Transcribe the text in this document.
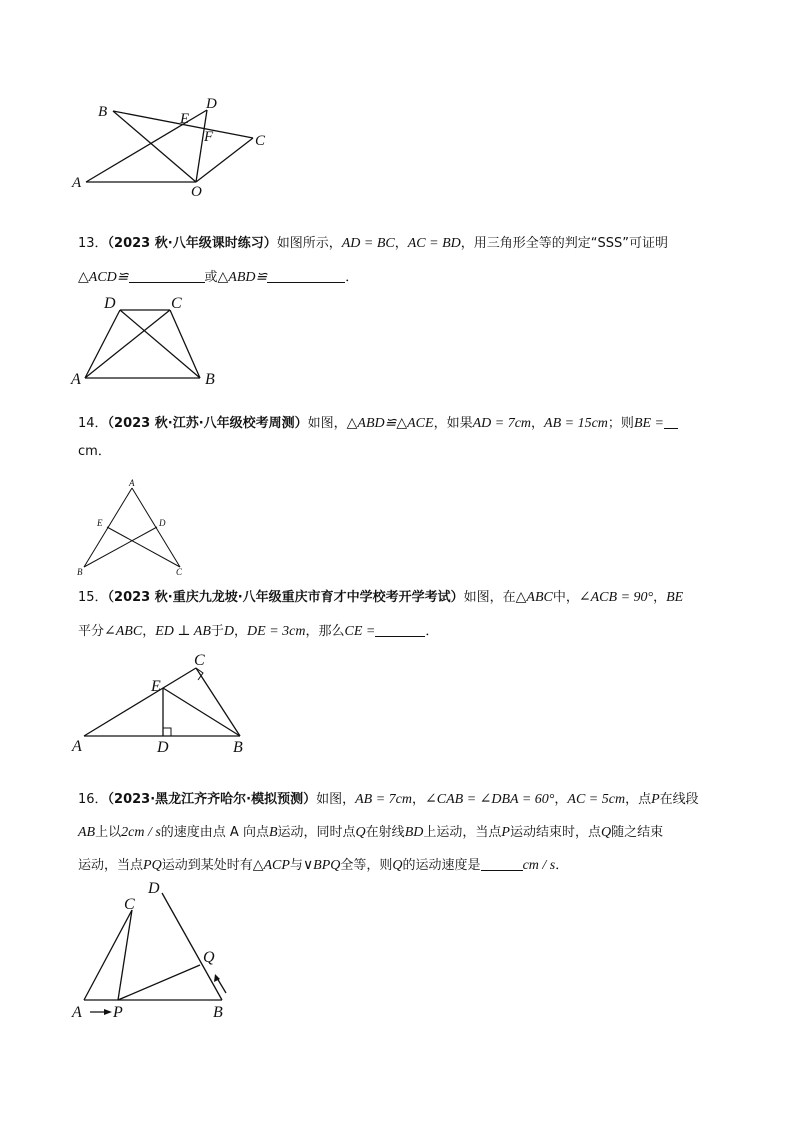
B	E
D
F	C
A
O
13．（2023 秋·八年级课时练习）如图所示，AD = BC，AC = BD，用三角形全等的判定“SSS”可证明
△ACD≌	或△ABD≌	．
D	C
A	B
14．（2023 秋·江苏·八年级校考周测）如图，△ABD≌△ACE，如果AD = 7cm，AB = 15cm；则BE =
cm．
A
E	D
B	C
15．（2023 秋·重庆九龙坡·八年级重庆市育才中学校考开学考试）如图，在△ABC中，∠ACB = 90°，BE
平分∠ABC，ED ⊥ AB于D，DE = 3cm，那么CE =	．
C
E
A	D	B
16．（2023·黑龙江齐齐哈尔·模拟预测）如图，AB = 7cm，∠CAB = ∠DBA = 60°，AC = 5cm，点P在线段
AB上以2cm / s的速度由点 A 向点B运动，同时点Q在射线BD上运动，当点P运动结束时，点Q随之结束
运动，当点PQ运动到某处时有△ACP与∨BPQ全等，则Q的运动速度是	cm / s．
D
C
Q
A P	B
